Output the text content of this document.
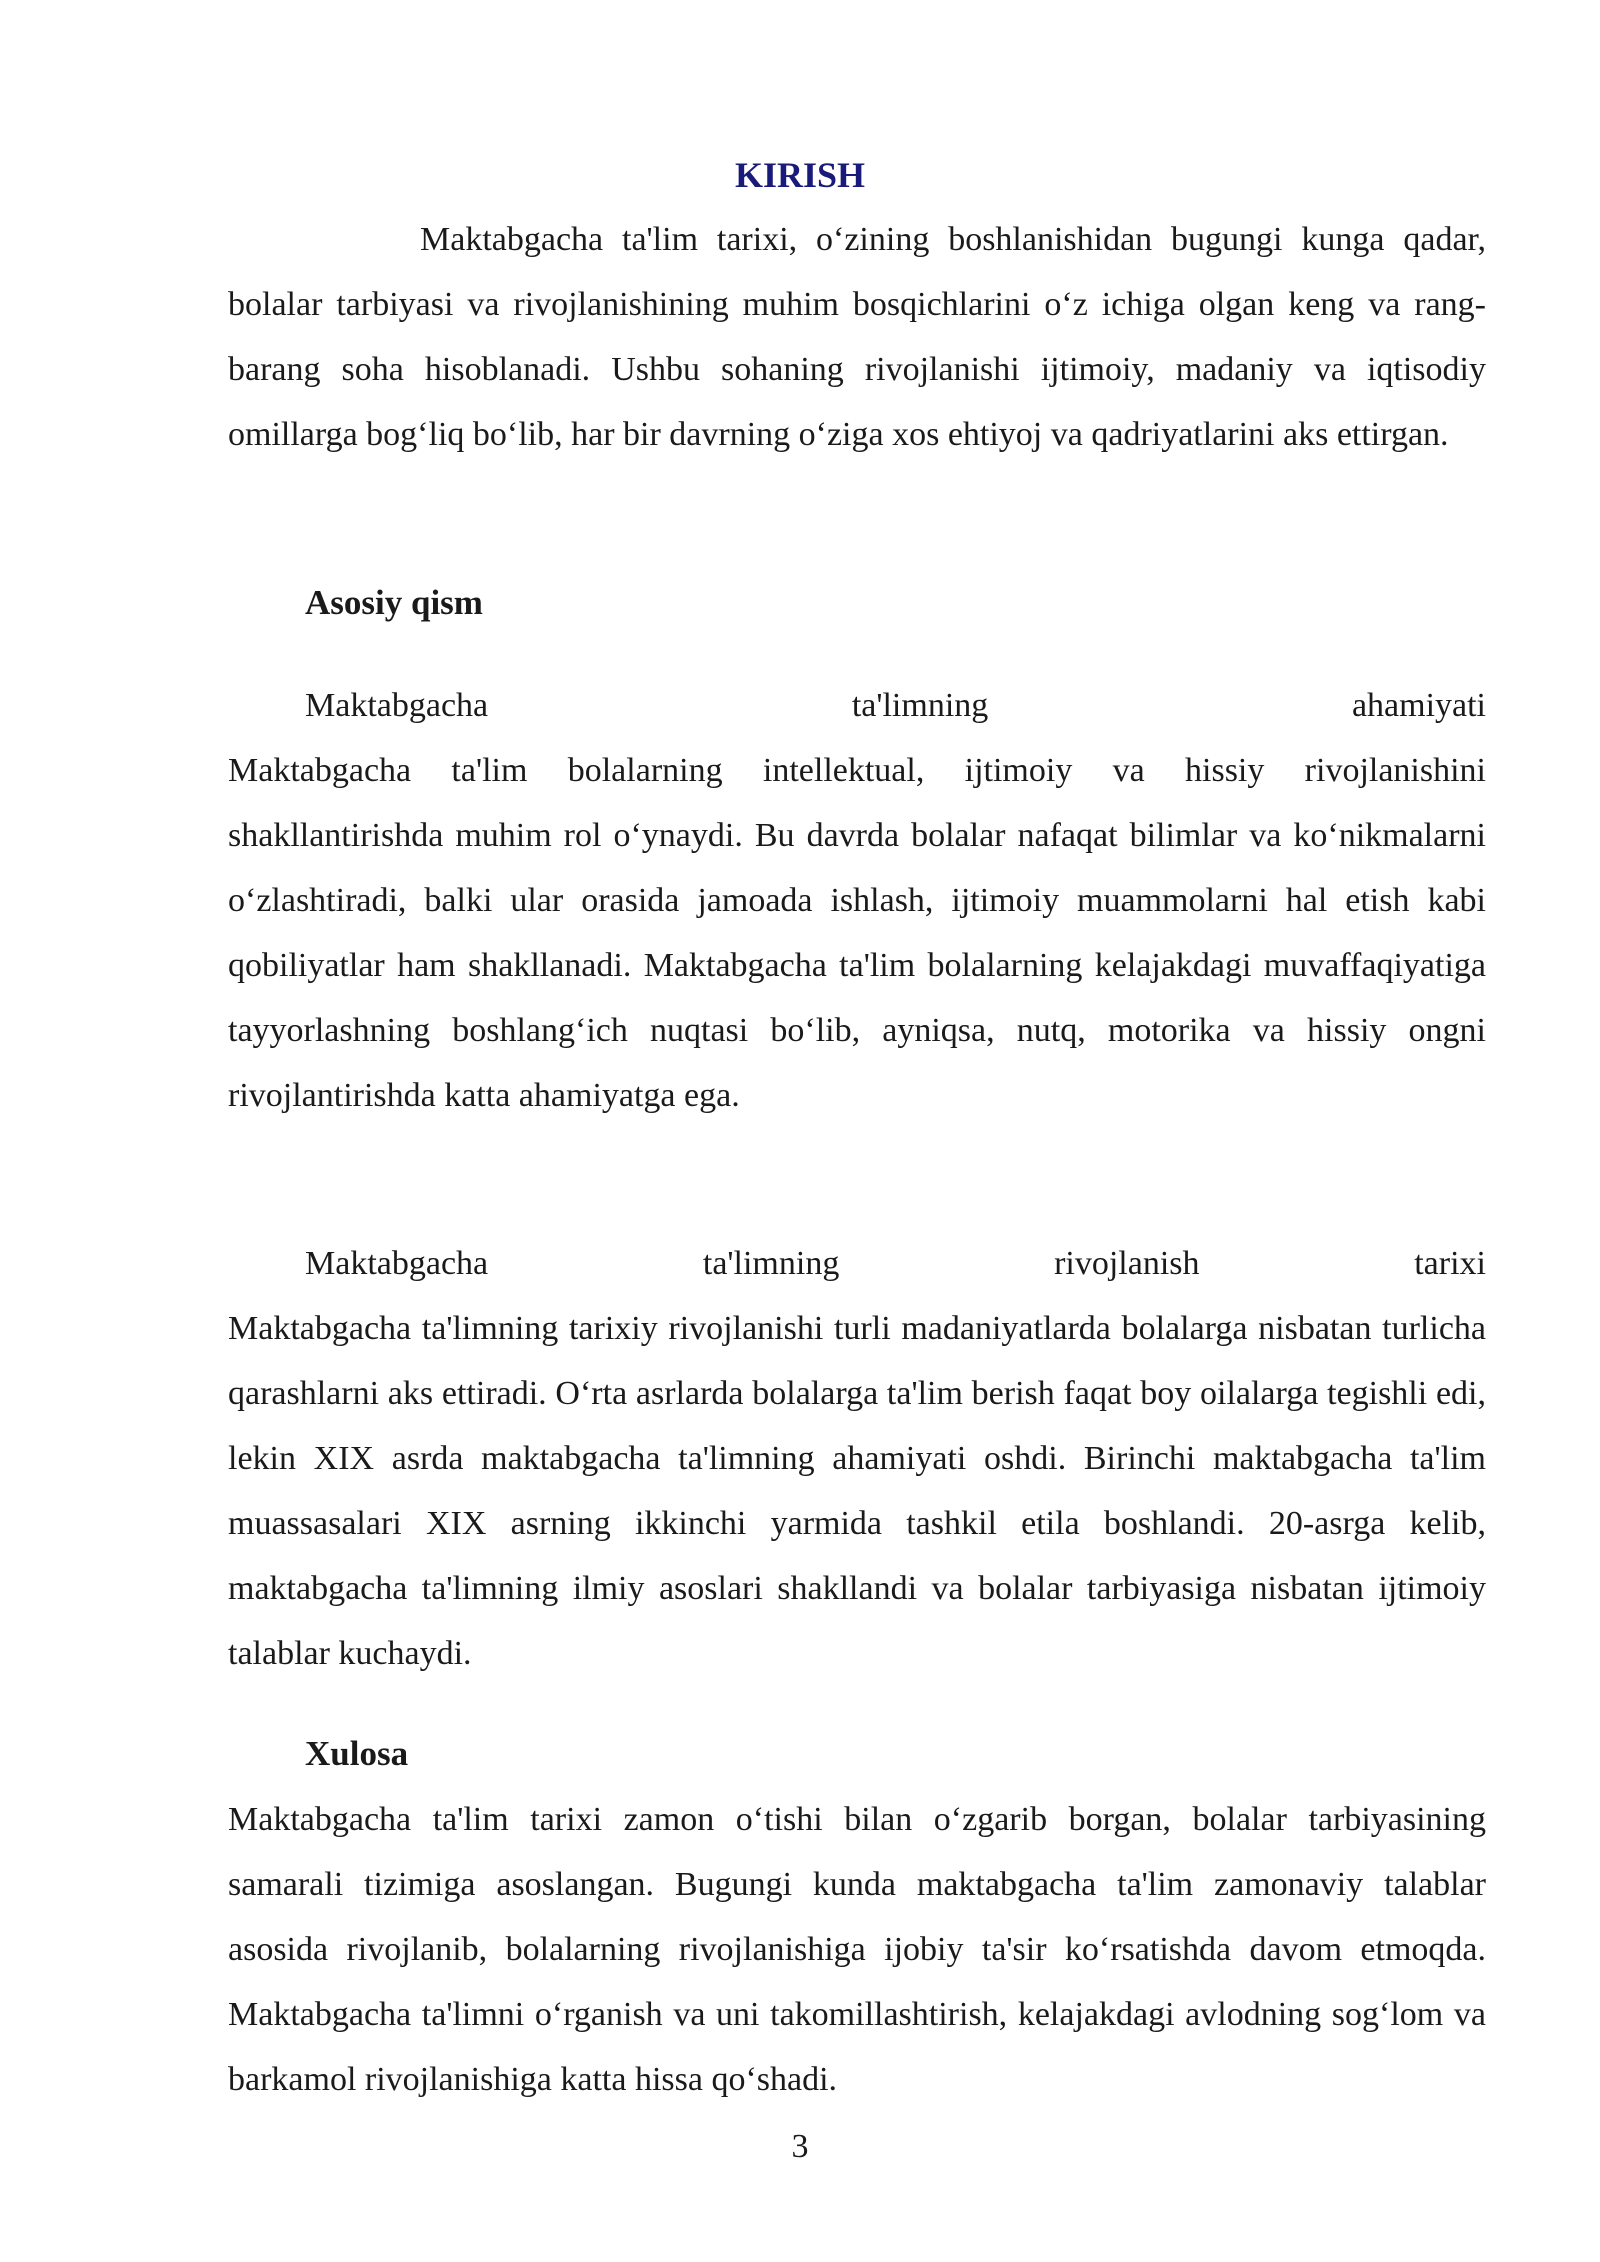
KIRISH

Maktabgacha ta'lim tarixi, o‘zining boshlanishidan bugungi kunga qadar, bolalar tarbiyasi va rivojlanishining muhim bosqichlarini o‘z ichiga olgan keng va rang-barang soha hisoblanadi. Ushbu sohaning rivojlanishi ijtimoiy, madaniy va iqtisodiy omillarga bog‘liq bo‘lib, har bir davrning o‘ziga xos ehtiyoj va qadriyatlarini aks ettirgan.

Asosiy qism
Maktabgacha	ta'limning	ahamiyati

Maktabgacha ta'lim bolalarning intellektual, ijtimoiy va hissiy rivojlanishini shakllantirishda muhim rol o‘ynaydi. Bu davrda bolalar nafaqat bilimlar va ko‘nikmalarni o‘zlashtiradi, balki ular orasida jamoada ishlash, ijtimoiy muammolarni hal etish kabi qobiliyatlar ham shakllanadi. Maktabgacha ta'lim bolalarning kelajakdagi muvaffaqiyatiga tayyorlashning boshlang‘ich nuqtasi bo‘lib, ayniqsa, nutq, motorika va hissiy ongni rivojlantirishda katta ahamiyatga ega.

Maktabgacha	ta'limning	rivojlanish	tarixi

Maktabgacha ta'limning tarixiy rivojlanishi turli madaniyatlarda bolalarga nisbatan turlicha qarashlarni aks ettiradi. O‘rta asrlarda bolalarga ta'lim berish faqat boy oilalarga tegishli edi, lekin XIX asrda maktabgacha ta'limning ahamiyati oshdi. Birinchi maktabgacha ta'lim muassasalari XIX asrning ikkinchi yarmida tashkil etila boshlandi. 20-asrga kelib, maktabgacha ta'limning ilmiy asoslari shakllandi va bolalar tarbiyasiga nisbatan ijtimoiy talablar kuchaydi.

Xulosa

Maktabgacha ta'lim tarixi zamon o‘tishi bilan o‘zgarib borgan, bolalar tarbiyasining samarali tizimiga asoslangan. Bugungi kunda maktabgacha ta'lim zamonaviy talablar asosida rivojlanib, bolalarning rivojlanishiga ijobiy ta'sir ko‘rsatishda davom etmoqda. Maktabgacha ta'limni o‘rganish va uni takomillashtirish, kelajakdagi avlodning sog‘lom va barkamol rivojlanishiga katta hissa qo‘shadi.

3
